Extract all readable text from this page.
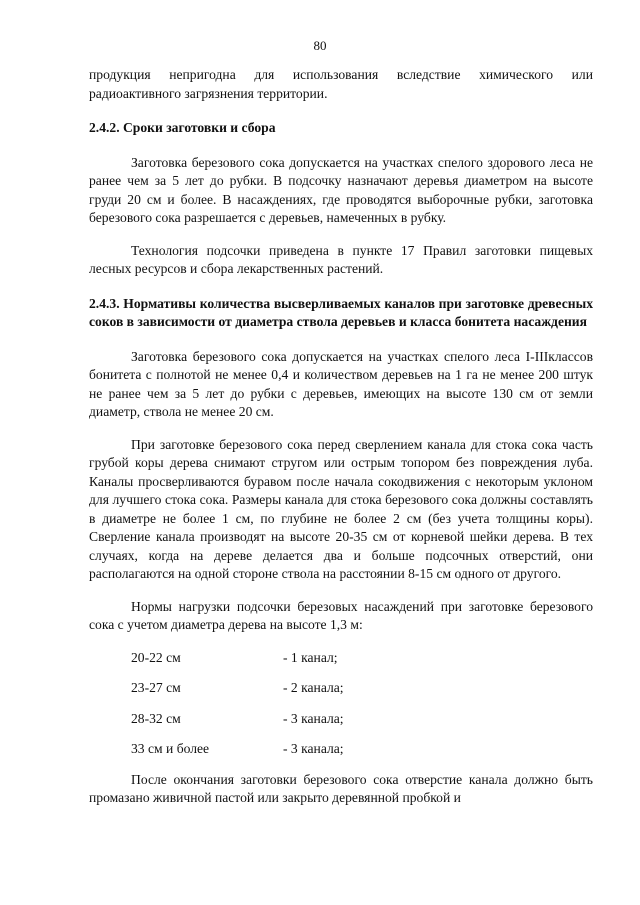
80

продукция непригодна для использования вследствие химического или радиоактивного загрязнения территории.

2.4.2. Сроки заготовки и сбора

Заготовка березового сока допускается на участках спелого здорового леса не ранее чем за 5 лет до рубки. В подсочку назначают деревья диаметром на высоте груди 20 см и более. В насаждениях, где проводятся выборочные рубки, заготовка березового сока разрешается с деревьев, намеченных в рубку.

Технология подсочки приведена в пункте 17 Правил заготовки пищевых лесных ресурсов и сбора лекарственных растений.

2.4.3. Нормативы количества высверливаемых каналов при заготовке древесных соков в зависимости от диаметра ствола деревьев и класса бонитета насаждения

Заготовка березового сока допускается на участках спелого леса I-IIIклассов бонитета с полнотой не менее 0,4 и количеством деревьев на 1 га не менее 200 штук не ранее чем за 5 лет до рубки с деревьев, имеющих на высоте 130 см от земли диаметр, ствола не менее 20 см.

При заготовке березового сока перед сверлением канала для стока сока часть грубой коры дерева снимают стругом или острым топором без повреждения луба. Каналы просверливаются буравом после начала сокодвижения с некоторым уклоном для лучшего стока сока. Размеры канала для стока березового сока должны составлять в диаметре не более 1 см, по глубине не более 2 см (без учета толщины коры). Сверление канала производят на высоте 20-35 см от корневой шейки дерева. В тех случаях, когда на дереве делается два и больше подсочных отверстий, они располагаются на одной стороне ствола на расстоянии 8-15 см одного от другого.

Нормы нагрузки подсочки березовых насаждений при заготовке березового сока с учетом диаметра дерева на высоте 1,3 м:

20-22 см	- 1 канал;
23-27 см	- 2 канала;
28-32 см	- 3 канала;
33 см и более	- 3 канала;

После окончания заготовки березового сока отверстие канала должно быть промазано живичной пастой или закрыто деревянной пробкой и
